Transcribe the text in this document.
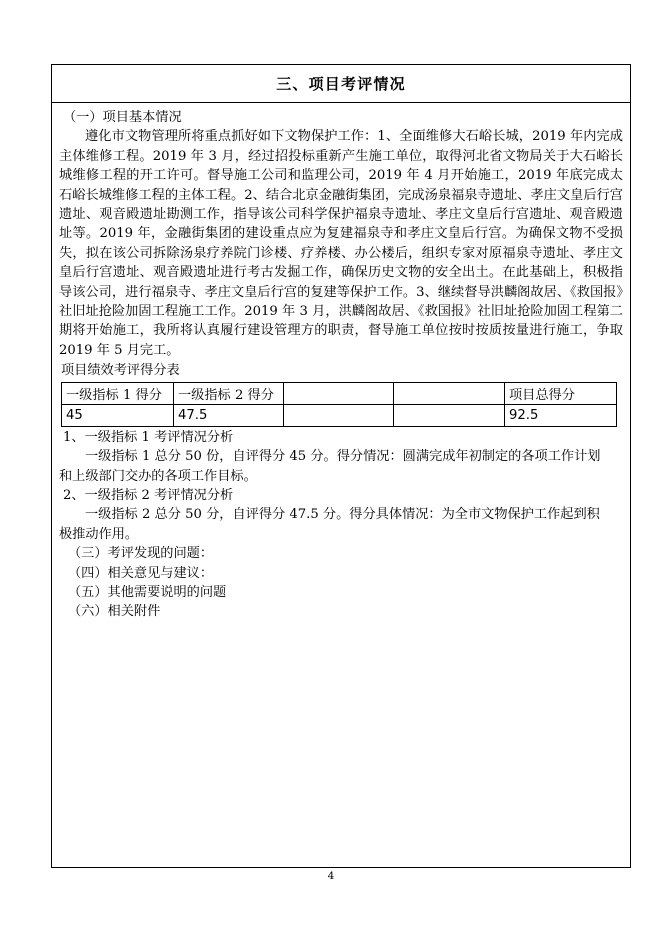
三、项目考评情况
（一）项目基本情况

遵化市文物管理所将重点抓好如下文物保护工作：1、全面维修大石峪长城，2019 年内完成主体维修工程。2019 年 3 月，经过招投标重新产生施工单位，取得河北省文物局关于大石峪长城维修工程的开工许可。督导施工公司和监理公司，2019 年 4 月开始施工，2019 年底完成太石峪长城维修工程的主体工程。2、结合北京金融街集团，完成汤泉福泉寺遗址、孝庄文皇后行宫遗址、观音殿遗址勘测工作，指导该公司科学保护福泉寺遗址、孝庄文皇后行宫遗址、观音殿遗址等。2019 年，金融街集团的建设重点应为复建福泉寺和孝庄文皇后行宫。为确保文物不受损失，拟在该公司拆除汤泉疗养院门诊楼、疗养楼、办公楼后，组织专家对原福泉寺遗址、孝庄文皇后行宫遗址、观音殿遗址进行考古发掘工作，确保历史文物的安全出土。在此基础上，积极指导该公司，进行福泉寺、孝庄文皇后行宫的复建等保护工作。3、继续督导洪麟阁故居、《救国报》社旧址抢险加固工程施工工作。2019 年 3 月，洪麟阁故居、《救国报》社旧址抢险加固工程第二期将开始施工，我所将认真履行建设管理方的职责，督导施工单位按时按质按量进行施工，争取 2019 年 5 月完工。

项目绩效考评得分表
一级指标 1 得分	一级指标 2 得分			项目总得分
45	47.5			92.5
1、一级指标 1 考评情况分析

一级指标 1 总分 50 份，自评得分 45 分。得分情况：圆满完成年初制定的各项工作计划

和上级部门交办的各项工作目标。

2、一级指标 2 考评情况分析

一级指标 2 总分 50 分，自评得分 47.5 分。得分具体情况：为全市文物保护工作起到积

极推动作用。

（三）考评发现的问题：
（四）相关意见与建议：
（五）其他需要说明的问题
（六）相关附件
4
